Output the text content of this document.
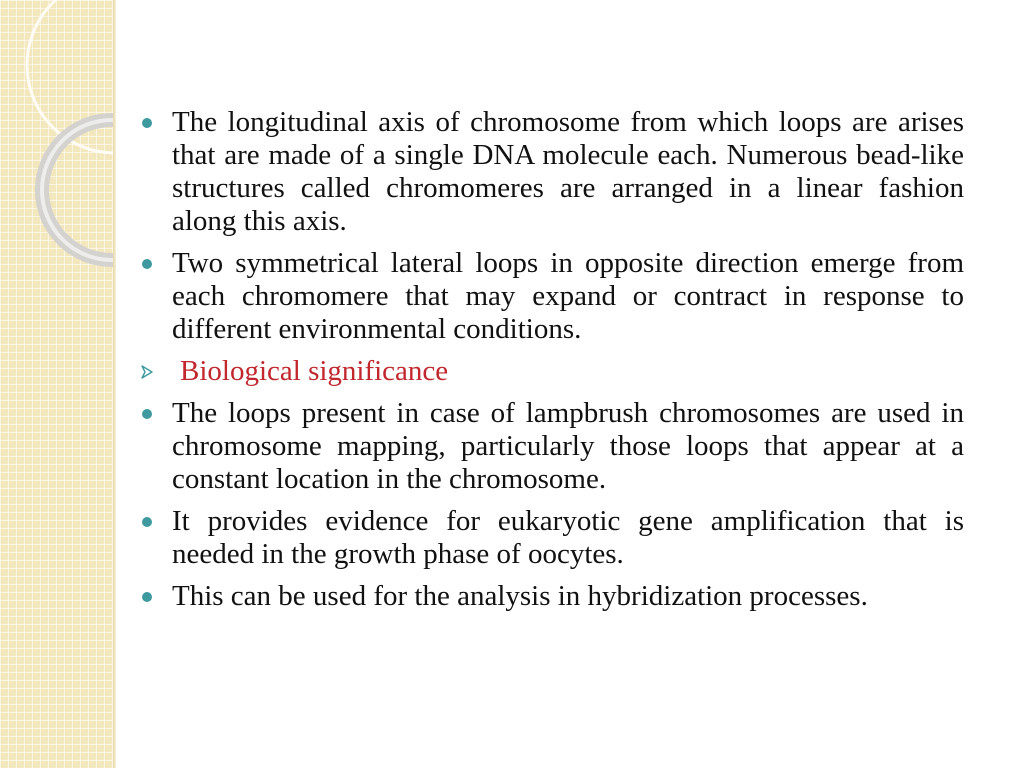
The longitudinal axis of chromosome from which loops are arises that are made of a single DNA molecule each. Numerous bead-like structures called chromomeres are arranged in a linear fashion along this axis.
Two symmetrical lateral loops in opposite direction emerge from each chromomere that may expand or contract in response to different environmental conditions.
Biological significance
The loops present in case of lampbrush chromosomes are used in chromosome mapping, particularly those loops that appear at a constant location in the chromosome.
It provides evidence for eukaryotic gene amplification that is needed in the growth phase of oocytes.
This can be used for the analysis in hybridization processes.
